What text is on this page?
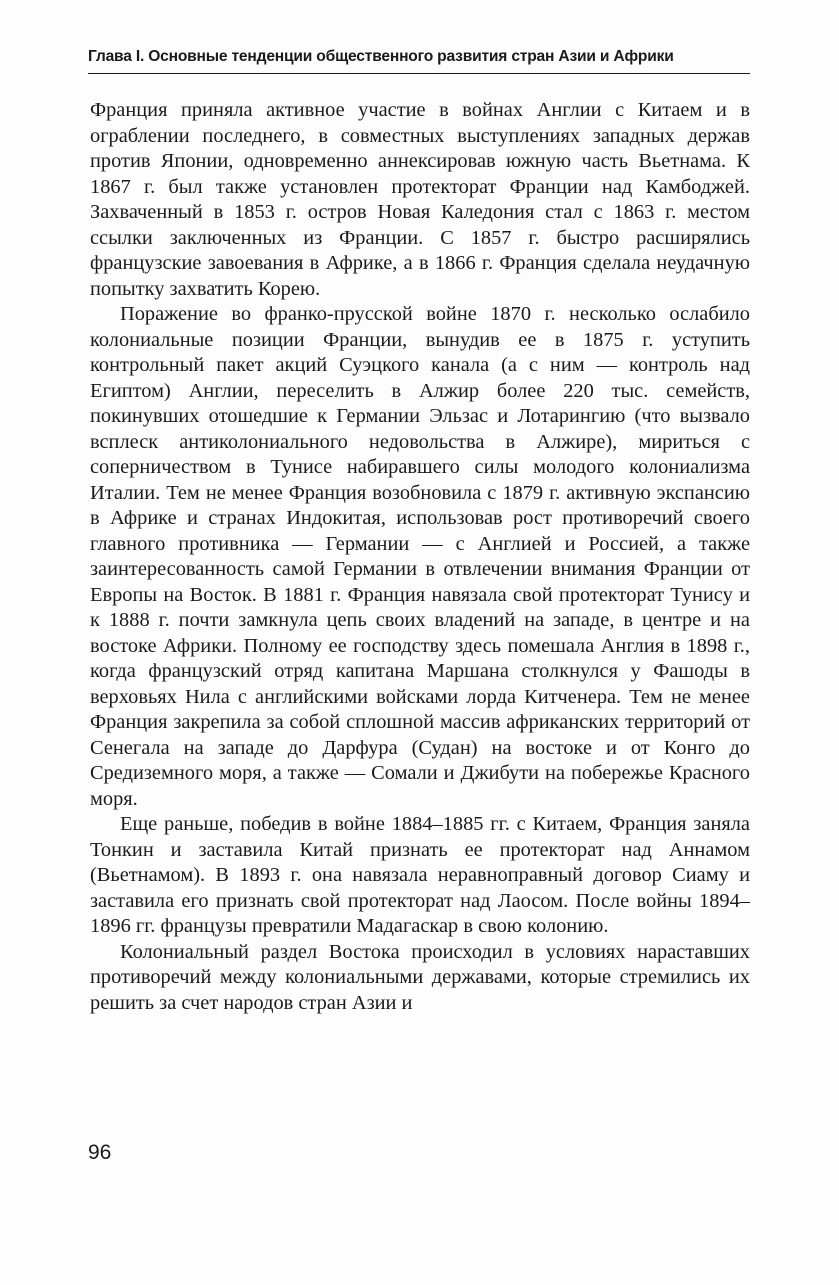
Глава I. Основные тенденции общественного развития стран Азии и Африки

Франция приняла активное участие в войнах Англии с Китаем и в ограблении последнего, в совместных выступлениях западных держав против Японии, одновременно аннексировав южную часть Вьетнама. К 1867 г. был также установлен протекторат Франции над Камбоджей. Захваченный в 1853 г. остров Новая Каледония стал с 1863 г. местом ссылки заключенных из Франции. С 1857 г. быстро расширялись французские завоевания в Африке, а в 1866 г. Франция сделала неудачную попытку захватить Корею.

Поражение во франко-прусской войне 1870 г. несколько ослабило колониальные позиции Франции, вынудив ее в 1875 г. уступить контрольный пакет акций Суэцкого канала (а с ним — контроль над Египтом) Англии, переселить в Алжир более 220 тыс. семейств, покинувших отошедшие к Германии Эльзас и Лотарингию (что вызвало всплеск антиколониального недовольства в Алжире), мириться с соперничеством в Тунисе набиравшего силы молодого колониализма Италии. Тем не менее Франция возобновила с 1879 г. активную экспансию в Африке и странах Индокитая, использовав рост противоречий своего главного противника — Германии — с Англией и Россией, а также заинтересованность самой Германии в отвлечении внимания Франции от Европы на Восток. В 1881 г. Франция навязала свой протекторат Тунису и к 1888 г. почти замкнула цепь своих владений на западе, в центре и на востоке Африки. Полному ее господству здесь помешала Англия в 1898 г., когда французский отряд капитана Маршана столкнулся у Фашоды в верховьях Нила с английскими войсками лорда Китченера. Тем не менее Франция закрепила за собой сплошной массив африканских территорий от Сенегала на западе до Дарфура (Судан) на востоке и от Конго до Средиземного моря, а также — Сомали и Джибути на побережье Красного моря.

Еще раньше, победив в войне 1884–1885 гг. с Китаем, Франция заняла Тонкин и заставила Китай признать ее протекторат над Аннамом (Вьетнамом). В 1893 г. она навязала неравноправный договор Сиаму и заставила его признать свой протекторат над Лаосом. После войны 1894–1896 гг. французы превратили Мадагаскар в свою колонию.

Колониальный раздел Востока происходил в условиях нараставших противоречий между колониальными державами, которые стремились их решить за счет народов стран Азии и

96
